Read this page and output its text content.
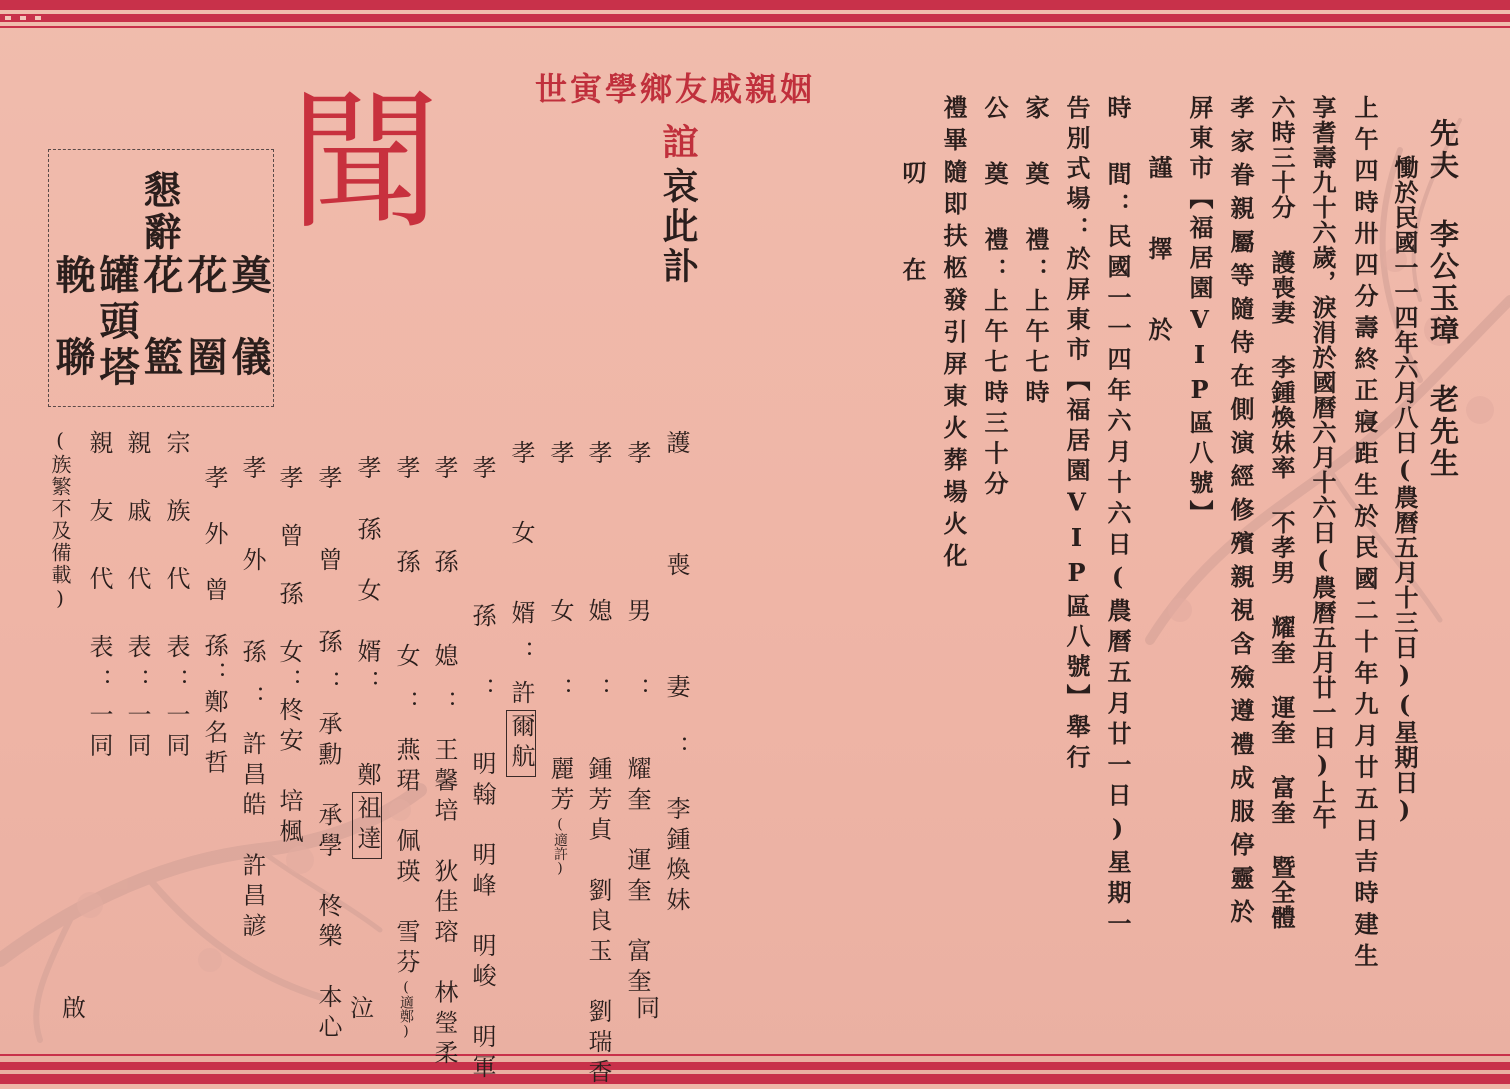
世寅學鄉友戚親姻
聞	誼
哀此訃
懇辭
奠儀
花圈
花籃
罐頭塔
輓聯	先夫 李公玉璋 老先生
慟於民國一一四年六月八日(農曆五月十三日)(星期日)
上午四時卅四分壽終正寢距生於民國二十年九月廿五日吉時建生
享耆壽九十六歲，淚涓於國曆六月十六日(農曆五月廿一日)上午
六時三十分 護喪妻 李鍾煥妹率 不孝男 耀奎 運奎 富奎 暨全體
孝家眷親屬等隨侍在側演經修殯親視含殮遵禮成服停靈於
屏東市【福居園VIP區八號】
謹 擇 於
時 間：民國一一四年六月十六日(農曆五月廿一日)星期一
告別式場：於屏東市【福居園VIP區八號】舉行
家 奠 禮：上午七時
公 奠 禮：上午七時三十分
禮畢隨即扶柩發引屏東火葬場火化
叨 在
護　喪　妻：李鍾煥妹
孝　男：耀奎　運奎　富奎
孝　媳：鍾芳貞　劉良玉　劉瑞香
孝　女：麗芳(適許)
孝　女　婿：許爾航
孝　孫：明翰　明峰　明峻　明軍
孝　孫　媳：王馨培　狄佳瑢　林瑩柔
孝　孫　女：燕珺　佩瑛　雪芬(適鄭)
孝　孫　女　婿：
鄭祖達
孝　曾　孫：承勳　承學　柊樂　本心
孝　曾　孫　女：柊安　培楓
孝　外　孫：許昌皓　許昌諺
孝　外　曾　孫：鄭名哲
宗　族　代　表：一同
親　戚　代　表：一同
親　友　代　表：一同
(族繁不及備載)
同
泣
啟
